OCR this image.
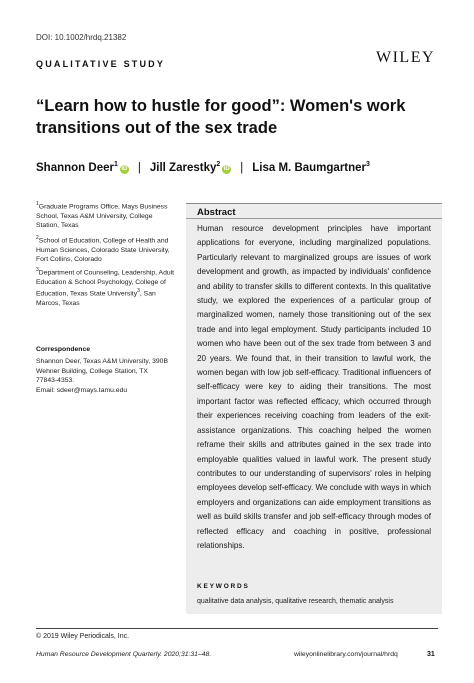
DOI: 10.1002/hrdq.21382
QUALITATIVE STUDY	WILEY
“Learn how to hustle for good”: Women's work transitions out of the sex trade
Shannon Deer$^1$iD | Jill Zarestky$^2$iD | Lisa M. Baumgartner$^3$
$^1$Graduate Programs Office, Mays Business School, Texas A&M University, College Station, Texas
$^2$School of Education, College of Health and Human Sciences, Colorado State University, Fort Collins, Colorado
$^3$Department of Counseling, Leadership, Adult Education & School Psychology, College of Education, Texas State University$^3$, San Marcos, Texas
Correspondence
Shannon Deer, Texas A&M University, 390B
Wehner Building, College Station, TX
77843-4353.
Email: sdeer@mays.tamu.edu
Abstract
Human resource development principles have important applications for everyone, including marginalized populations. Particularly relevant to marginalized groups are issues of work development and growth, as impacted by individuals' confidence and ability to transfer skills to different contexts. In this qualitative study, we explored the experiences of a particular group of marginalized women, namely those transitioning out of the sex trade and into legal employment. Study participants included 10 women who have been out of the sex trade from between 3 and 20 years. We found that, in their transition to lawful work, the women began with low job self-efficacy. Traditional influencers of self-efficacy were key to aiding their transitions. The most important factor was reflected efficacy, which occurred through their experiences receiving coaching from leaders of the exit-assistance organizations. This coaching helped the women reframe their skills and attributes gained in the sex trade into employable qualities valued in lawful work. The present study contributes to our understanding of supervisors' roles in helping employees develop self-efficacy. We conclude with ways in which employers and organizations can aide employment transitions as well as build skills transfer and job self-efficacy through modes of reflected efficacy and coaching in positive, professional relationships.
KEYWORDS
qualitative data analysis, qualitative research, thematic analysis
© 2019 Wiley Periodicals, Inc.
Human Resource Development Quarterly. 2020;31:31–48.	wileyonlinelibrary.com/journal/hrdq	31
